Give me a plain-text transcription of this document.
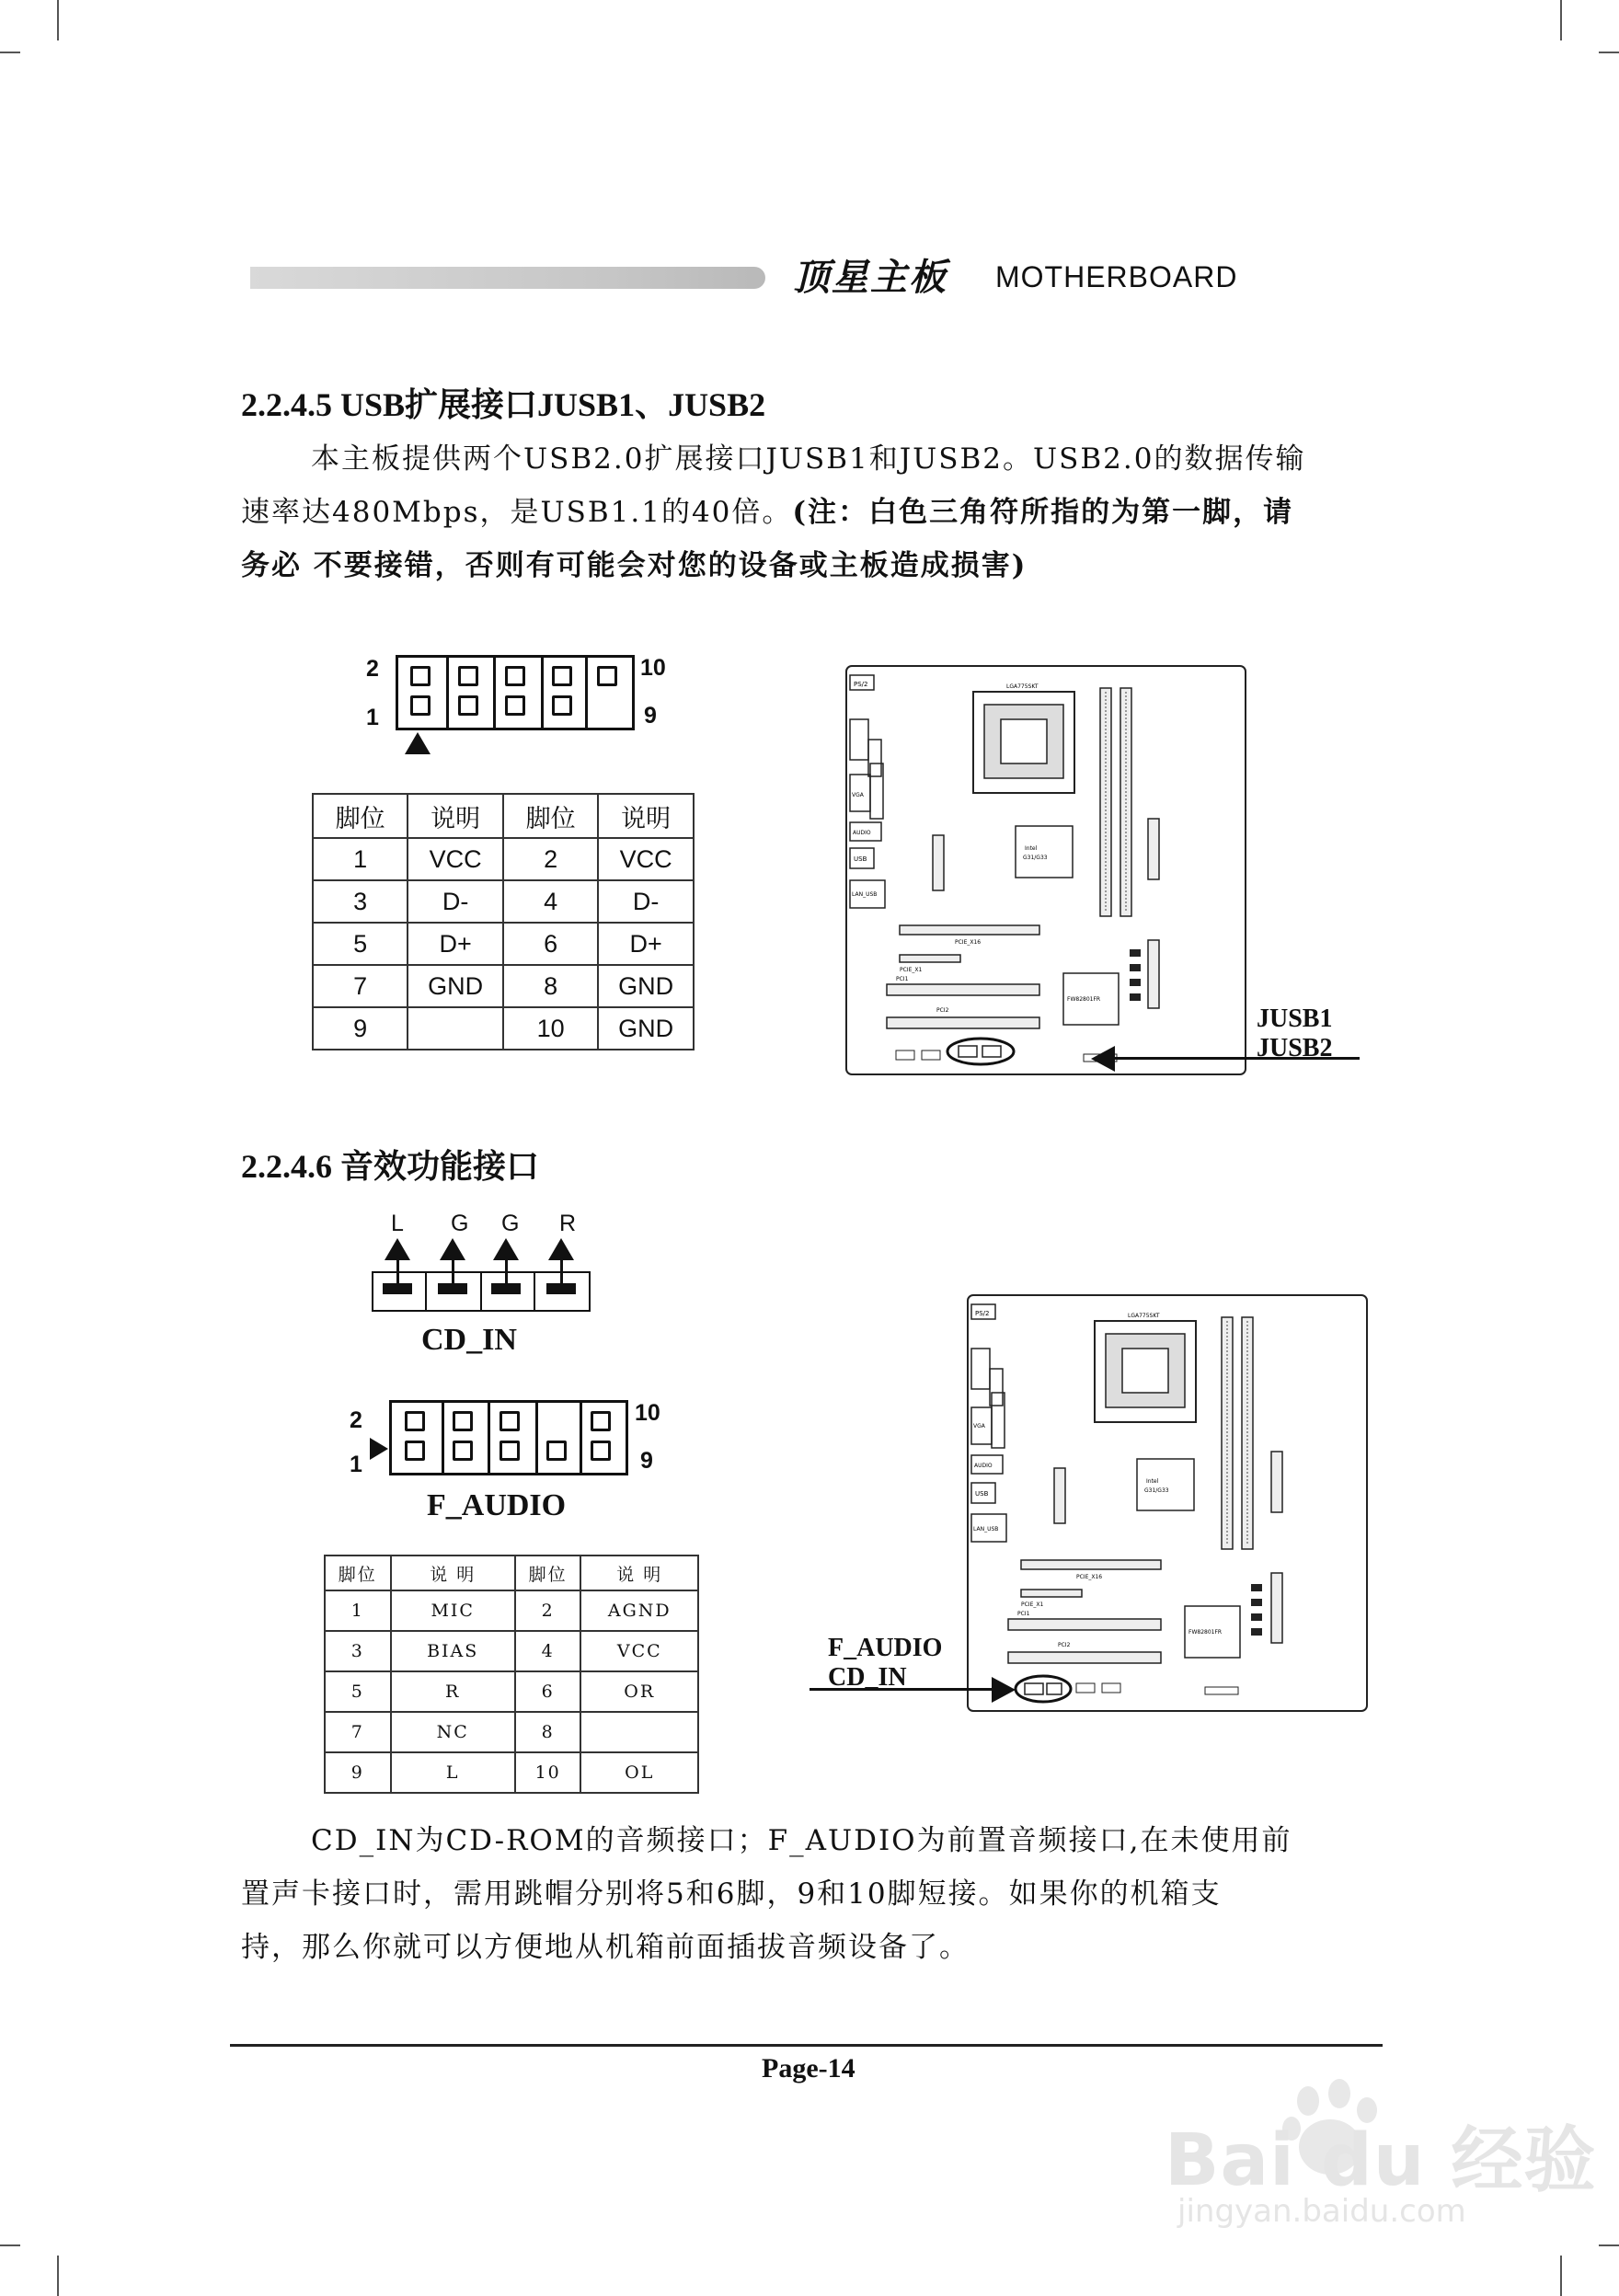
顶星主板 MOTHERBOARD
2.2.4.5 USB扩展接口JUSB1、JUSB2
本主板提供两个USB2.0扩展接口JUSB1和JUSB2。USB2.0的数据传输
速率达480Mbps，是USB1.1的40倍。(注：白色三角符所指的为第一脚，请
务必 不要接错，否则有可能会对您的设备或主板造成损害)
2
1
10
9
脚位	说明	脚位	说明
1	VCC	2	VCC
3	D-	4	D-
5	D+	6	D+
7	GND	8	GND
9		10	GND
PS/2
VGA
AUDIO
USB
LAN_USB
LGA775SKT
Intel
G31/G33
PCIE_X16
PCIE_X1
PCI1
PCI2
FW82801FR
JUSB1
JUSB2
2.2.4.6 音效功能接口
L G G R
CD_IN
2
1
10
9
F_AUDIO
脚位	说 明	脚位	说 明
1	MIC	2	AGND
3	BIAS	4	VCC
5	R	6	OR
7	NC	8	
9	L	10	OL
PS/2
VGA
AUDIO
USB
LAN_USB
LGA775SKT
Intel
G31/G33
PCIE_X16
PCIE_X1
PCI1
PCI2
FW82801FR
F_AUDIO
CD_IN
CD_IN为CD-ROM的音频接口；F_AUDIO为前置音频接口,在未使用前
置声卡接口时，需用跳帽分别将5和6脚，9和10脚短接。如果你的机箱支
持，那么你就可以方便地从机箱前面插拔音频设备了。
Page-14
Bai du 经验
jingyan.baidu.com
